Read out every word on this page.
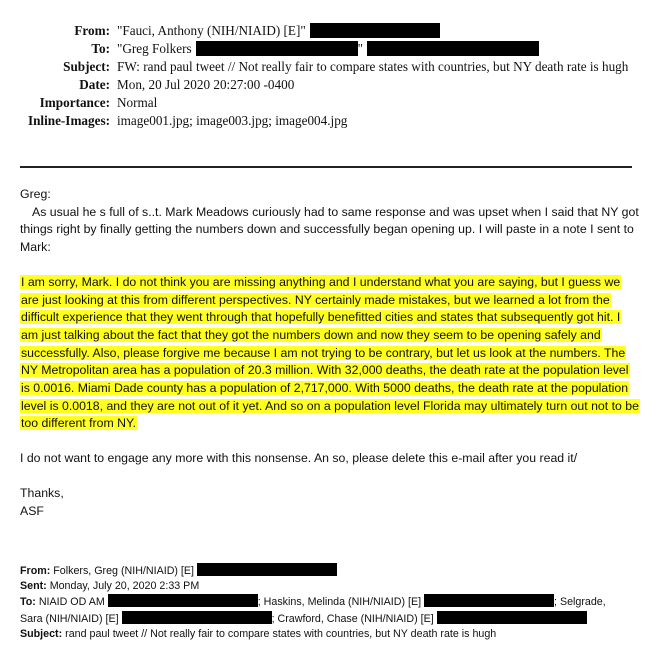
From: "Fauci, Anthony (NIH/NIAID) [E]"
To: "Greg Folkers	"
Subject: FW: rand paul tweet // Not really fair to compare states with countries, but NY death rate is hugh
Date: Mon, 20 Jul 2020 20:27:00 -0400
Importance: Normal
Inline-Images: image001.jpg; image003.jpg; image004.jpg

Greg:

As usual he s full of s..t. Mark Meadows curiously had to same response and was upset when I said that NY got things right by finally getting the numbers down and successfully began opening up. I will paste in a note I sent to Mark:

I am sorry, Mark. I do not think you are missing anything and I understand what you are saying, but I guess we are just looking at this from different perspectives. NY certainly made mistakes, but we learned a lot from the difficult experience that they went through that hopefully benefitted cities and states that subsequently got hit. I am just talking about the fact that they got the numbers down and now they seem to be opening safely and successfully. Also, please forgive me because I am not trying to be contrary, but let us look at the numbers. The NY Metropolitan area has a population of 20.3 million. With 32,000 deaths, the death rate at the population level is 0.0016. Miami Dade county has a population of 2,717,000. With 5000 deaths, the death rate at the population level is 0.0018, and they are not out of it yet. And so on a population level Florida may ultimately turn out not to be too different from NY.

I do not want to engage any more with this nonsense. An so, please delete this e-mail after you read it/

Thanks,

ASF

From: Folkers, Greg (NIH/NIAID) [E]

Sent: Monday, July 20, 2020 2:33 PM

To: NIAID OD AM	; Haskins, Melinda (NIH/NIAID) [E]	; Selgrade,
Sara (NIH/NIAID) [E]	; Crawford, Chase (NIH/NIAID) [E]

Subject: rand paul tweet // Not really fair to compare states with countries, but NY death rate is hugh
